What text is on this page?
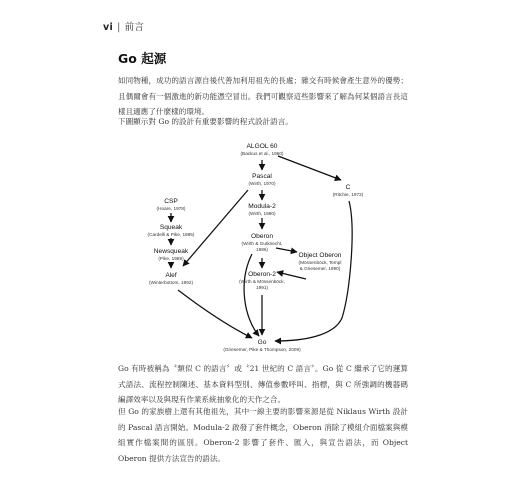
vi | 前言
Go 起源

如同物種，成功的語言源自後代善加利用祖先的長處；雜交有時候會產生意外的優勢；且偶爾會有一個激進的新功能憑空冒出。我們可觀察這些影響來了解為何某個語言長這樣且適應了什麼樣的環境。

下圖顯示對 Go 的設計有重要影響的程式設計語言。

ALGOL 60
(Backus et al., 1960)
Pascal
(Wirth, 1970)
C
(Ritchie, 1972)
CSP
(Hoare, 1978)	Modula-2
(Wirth, 1980)
Squeak
(Cardelli & Pike, 1985)	Oberon
(Wirth & Gutknecht,
1986)
Newsqueak
(Pike, 1989)	Object Oberon
(Mössenböck, Templ
& Griesemer, 1990)
Alef
(Winterbottom, 1992)
Oberon-2
(Wirth & Mössenböck,
1991)
Go
(Griesemer, Pike & Thompson, 2009)

Go 有時被稱為〝類似 C 的語言〞或〝21 世紀的 C 語言〞。Go 從 C 繼承了它的運算式語法、流程控制陳述、基本資料型別、傳值參數呼叫、指標，與 C 所強調的機器碼編譯效率以及與現有作業系統抽象化的天作之合。

但 Go 的家族樹上還有其他祖先，其中一線主要的影響來源是從 Niklaus Wirth 設計的 Pascal 語言開始。Modula-2 啟發了套件概念，Oberon 消除了模組介面檔案與模組實作檔案間的區別。Oberon-2 影響了套件、匯入，與宣告語法，而 Object Oberon 提供方法宣告的語法。
